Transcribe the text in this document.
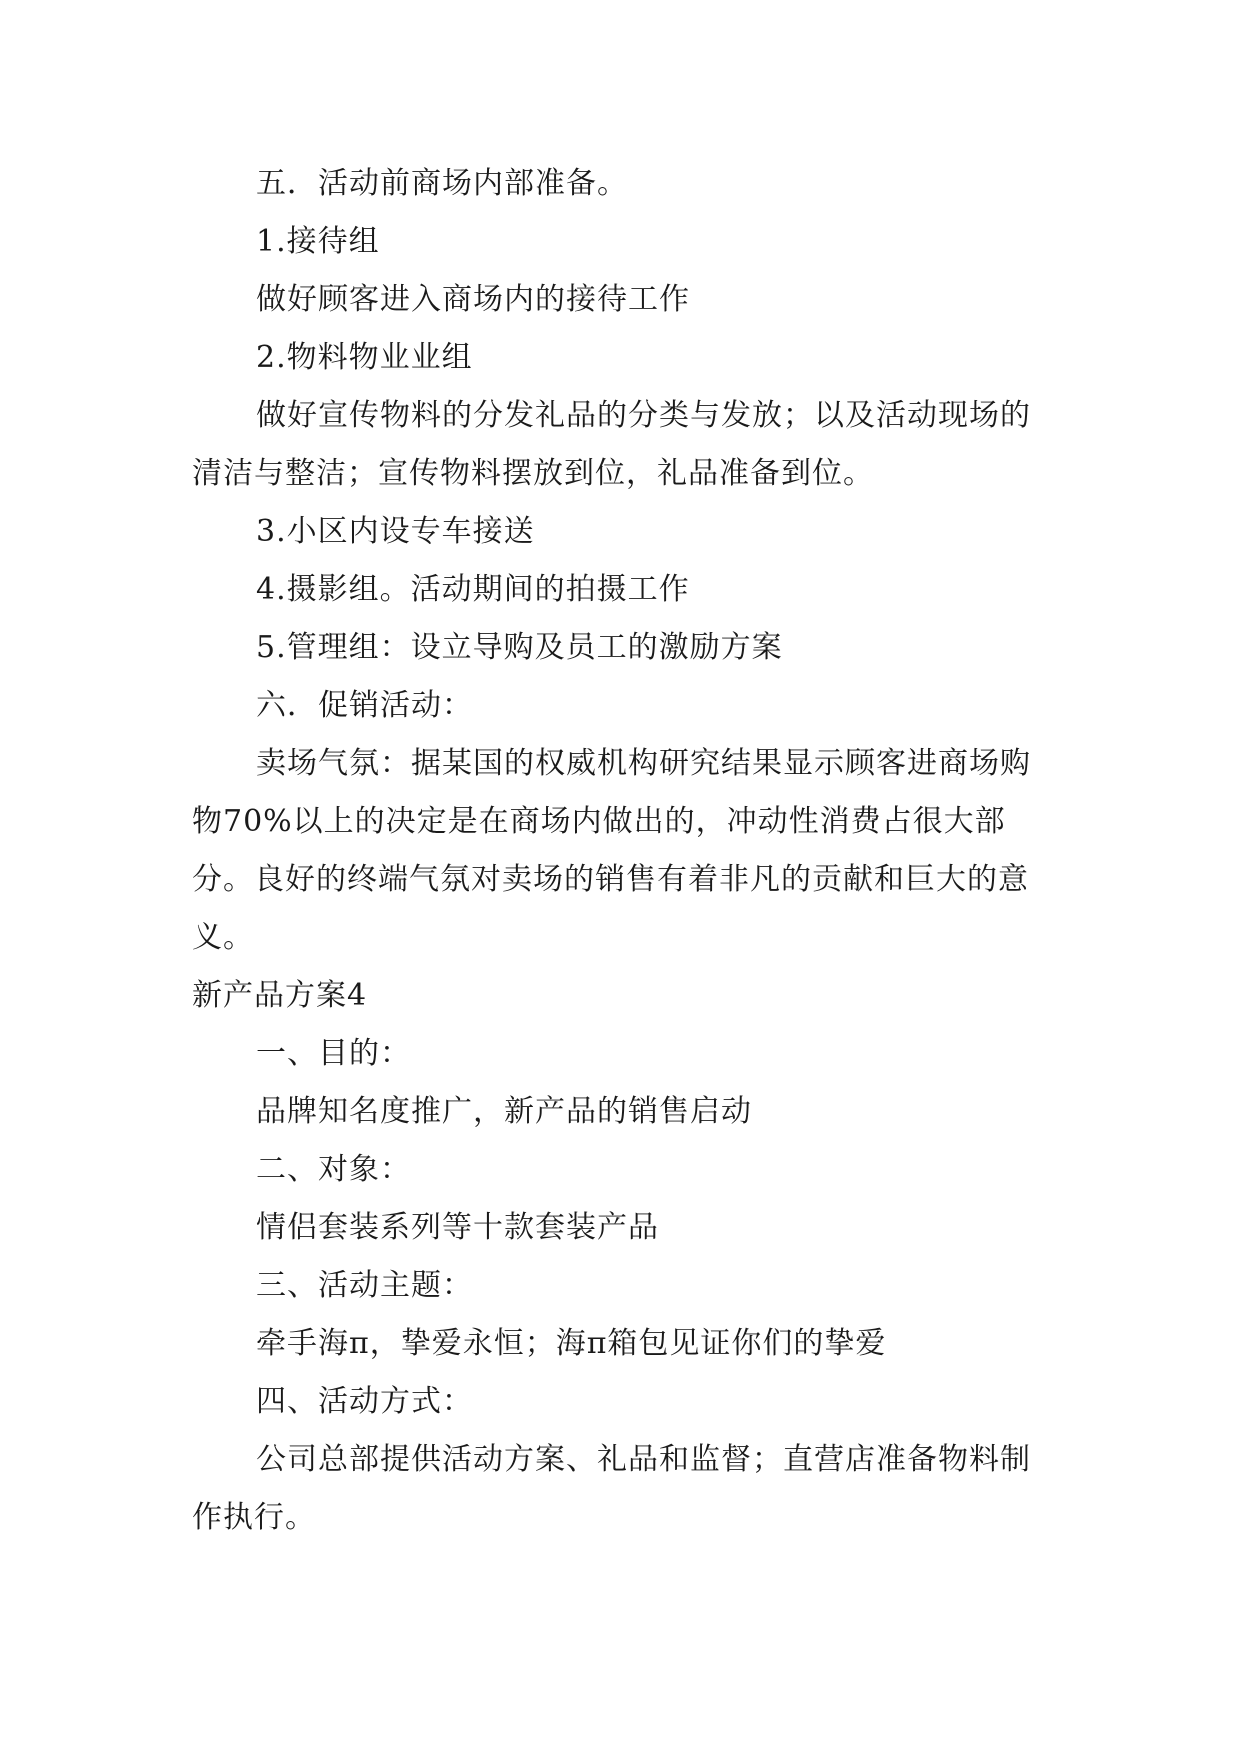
五．活动前商场内部准备。

1.接待组

做好顾客进入商场内的接待工作

2.物料物业业组

做好宣传物料的分发礼品的分类与发放；以及活动现场的清洁与整洁；宣传物料摆放到位，礼品准备到位。

3.小区内设专车接送

4.摄影组。活动期间的拍摄工作

5.管理组：设立导购及员工的激励方案

六．促销活动：

卖场气氛：据某国的权威机构研究结果显示顾客进商场购物70%以上的决定是在商场内做出的，冲动性消费占很大部分。良好的终端气氛对卖场的销售有着非凡的贡献和巨大的意义。

新产品方案4

一、目的：

品牌知名度推广，新产品的销售启动

二、对象：

情侣套装系列等十款套装产品

三、活动主题：

牵手海π，挚爱永恒；海π箱包见证你们的挚爱

四、活动方式：

公司总部提供活动方案、礼品和监督；直营店准备物料制作执行。
